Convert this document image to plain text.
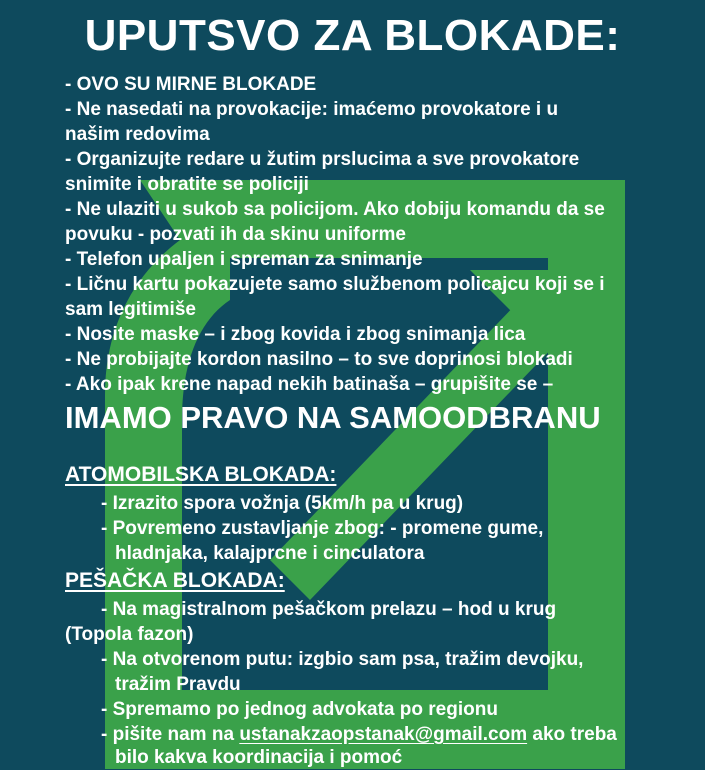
UPUTSVO ZA BLOKADE:
- OVO SU MIRNE BLOKADE
- Ne nasedati na provokacije: imaćemo provokatore i u
našim redovima
- Organizujte redare u žutim prslucima a sve provokatore
snimite i obratite se policiji
- Ne ulaziti u sukob sa policijom. Ako dobiju komandu da se
povuku - pozvati ih da skinu uniforme
- Telefon upaljen i spreman za snimanje
- Ličnu kartu pokazujete samo službenom policajcu koji se i
sam legitimiše
- Nosite maske – i zbog kovida i zbog snimanja lica
- Ne probijajte kordon nasilno – to sve doprinosi blokadi
- Ako ipak krene napad nekih batinaša – grupišite se –
IMAMO PRAVO NA SAMOODBRANU
ATOMOBILSKA BLOKADA:
- Izrazito spora vožnja (5km/h pa u krug)
- Povremeno zustavljanje zbog: - promene gume,
hladnjaka, kalajprcne i cinculatora
PEŠAČKA BLOKADA:
- Na magistralnom pešačkom prelazu – hod u krug
(Topola fazon)
- Na otvorenom putu: izgbio sam psa, tražim devojku,
tražim Pravdu
- Spremamo po jednog advokata po regionu
- pišite nam na ustanakzaopstanak@gmail.com ako treba
bilo kakva koordinacija i pomoć
